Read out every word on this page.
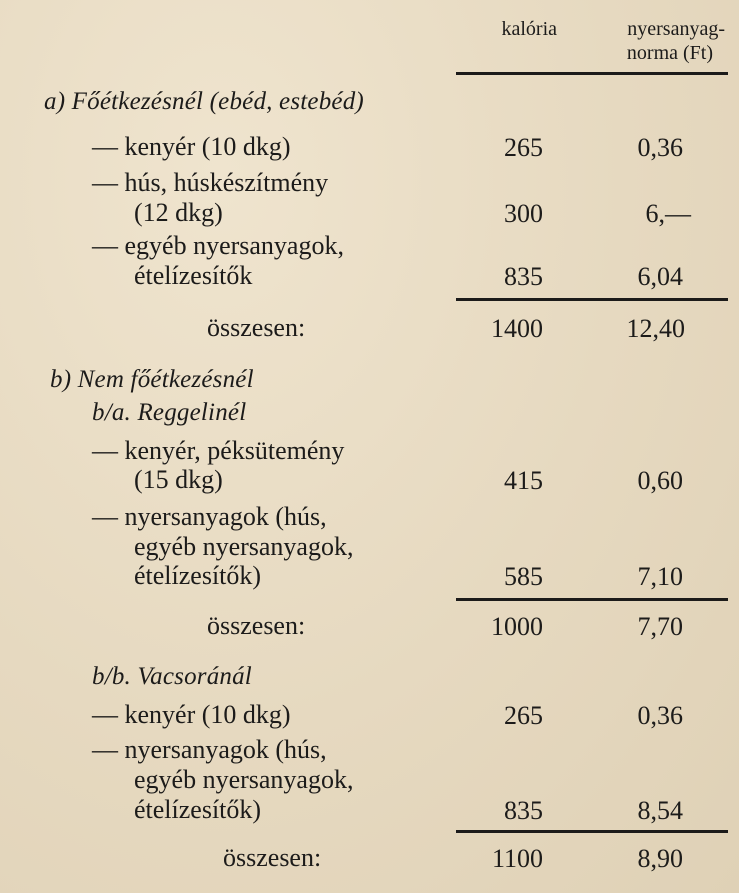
kalória	nyersanyag-
norma (Ft)
a) Főétkezésnél (ebéd, estebéd)
— kenyér (10 dkg)	265	0,36
— hús, húskészítmény
(12 dkg)	300	6,—
— egyéb nyersanyagok,
ételízesítők	835	6,04
összesen:	1400	12,40
b) Nem főétkezésnél
b/a. Reggelinél
— kenyér, péksütemény
(15 dkg)	415	0,60
— nyersanyagok (hús,
egyéb nyersanyagok,
ételízesítők)	585	7,10
összesen:	1000	7,70
b/b. Vacsoránál
— kenyér (10 dkg)	265	0,36
— nyersanyagok (hús,
egyéb nyersanyagok,
ételízesítők)	835	8,54
összesen:	1100	8,90
